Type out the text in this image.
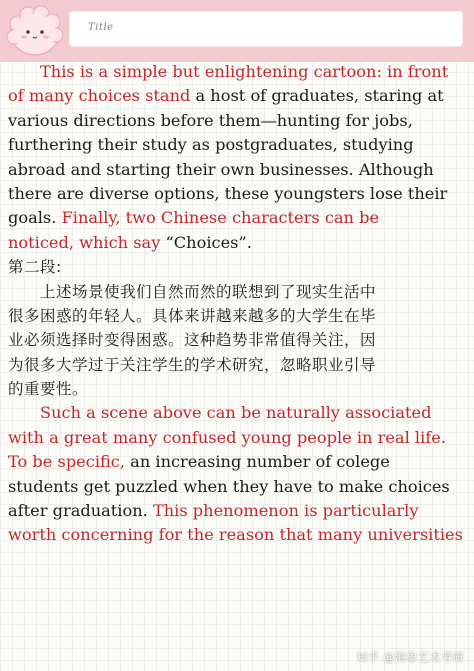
Title
This is a simple but enlightening cartoon: in front
of many choices stand a host of graduates, staring at
various directions before them—hunting for jobs,
furthering their study as postgraduates, studying
abroad and starting their own businesses. Although
there are diverse options, these youngsters lose their
goals. Finally, two Chinese characters can be
noticed, which say “Choices”.
第二段:
上述场景使我们自然而然的联想到了现实生活中
很多困惑的年轻人。具体来讲越来越多的大学生在毕
业必须选择时变得困惑。这种趋势非常值得关注，因
为很多大学过于关注学生的学术研究，忽略职业引导
的重要性。
Such a scene above can be naturally associated
with a great many confused young people in real life.
To be specific, an increasing number of colege
students get puzzled when they have to make choices
after graduation. This phenomenon is particularly
worth concerning for the reason that many universities
知乎 @海象艺术考研
